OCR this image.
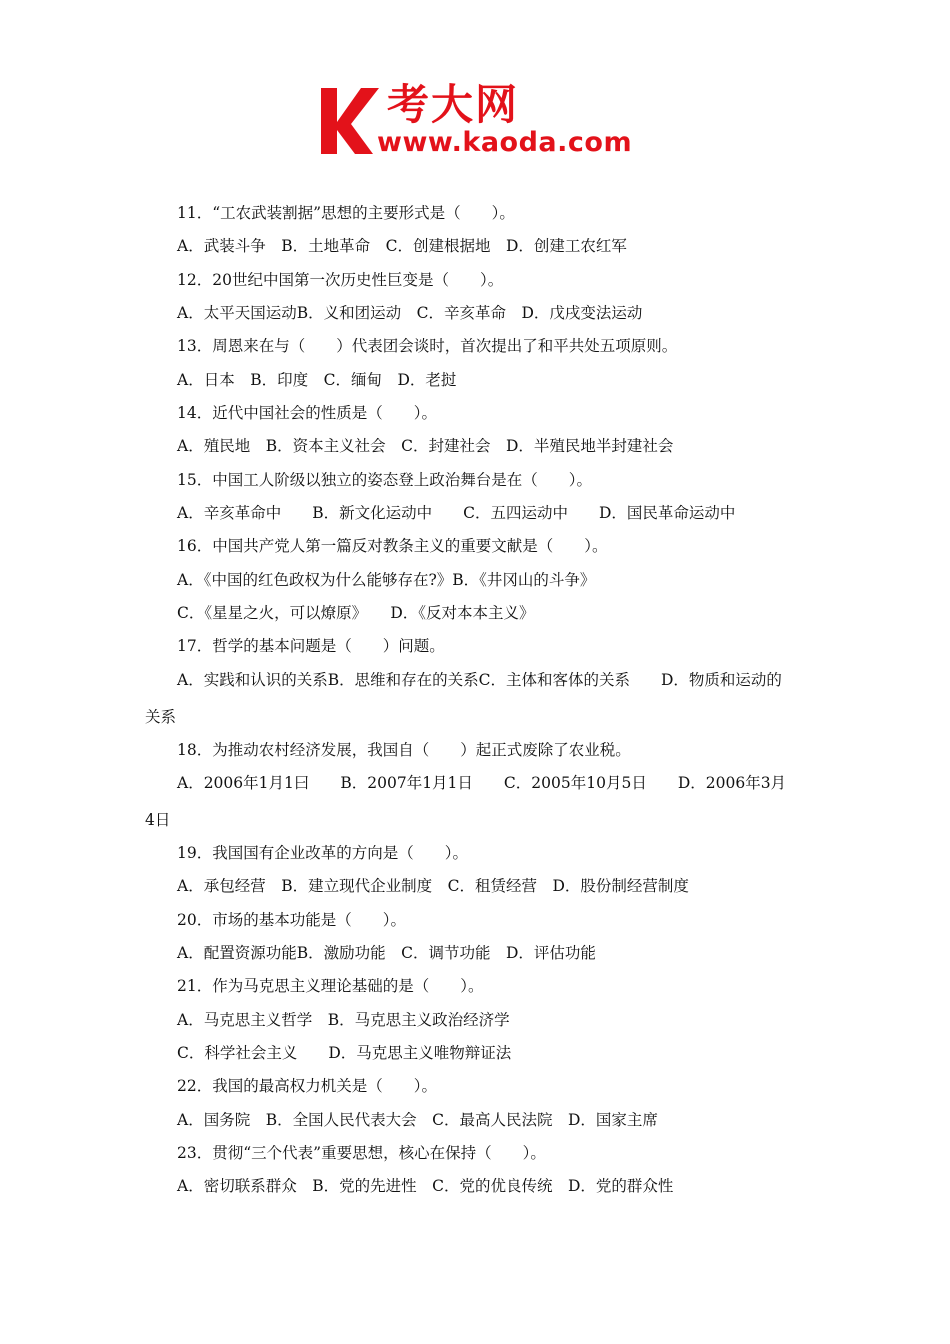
考大网
www.kaoda.com
11．“工农武装割据”思想的主要形式是（　　）。
A．武装斗争　B．土地革命　C．创建根据地　D．创建工农红军
12．20世纪中国第一次历史性巨变是（　　）。
A．太平天国运动B．义和团运动　C．辛亥革命　D．戊戌变法运动
13．周恩来在与（　　）代表团会谈时，首次提出了和平共处五项原则。
A．日本　B．印度　C．缅甸　D．老挝
14．近代中国社会的性质是（　　）。
A．殖民地　B．资本主义社会　C．封建社会　D．半殖民地半封建社会
15．中国工人阶级以独立的姿态登上政治舞台是在（　　）。
A．辛亥革命中　　B．新文化运动中　　C．五四运动中　　D．国民革命运动中
16．中国共产党人第一篇反对教条主义的重要文献是（　　）。
A．《中国的红色政权为什么能够存在?》B．《井冈山的斗争》
C．《星星之火，可以燎原》　　D．《反对本本主义》
17．哲学的基本问题是（　　）问题。
A．实践和认识的关系B．思维和存在的关系C．主体和客体的关系　　D．物质和运动的
关系
18．为推动农村经济发展，我国自（　　）起正式废除了农业税。
A．2006年1月1曰　　B．2007年1月1日　　C．2005年10月5日　　D．2006年3月
4日
19．我国国有企业改革的方向是（　　）。
A．承包经营　B．建立现代企业制度　C．租赁经营　D．股份制经营制度
20．市场的基本功能是（　　）。
A．配置资源功能B．激励功能　C．调节功能　D．评估功能
21．作为马克思主义理论基础的是（　　）。
A．马克思主义哲学　B．马克思主义政治经济学
C．科学社会主义　　D．马克思主义唯物辩证法
22．我国的最高权力机关是（　　）。
A．国务院　B．全国人民代表大会　C．最高人民法院　D．国家主席
23．贯彻“三个代表”重要思想，核心在保持（　　）。
A．密切联系群众　B．党的先进性　C．党的优良传统　D．党的群众性
